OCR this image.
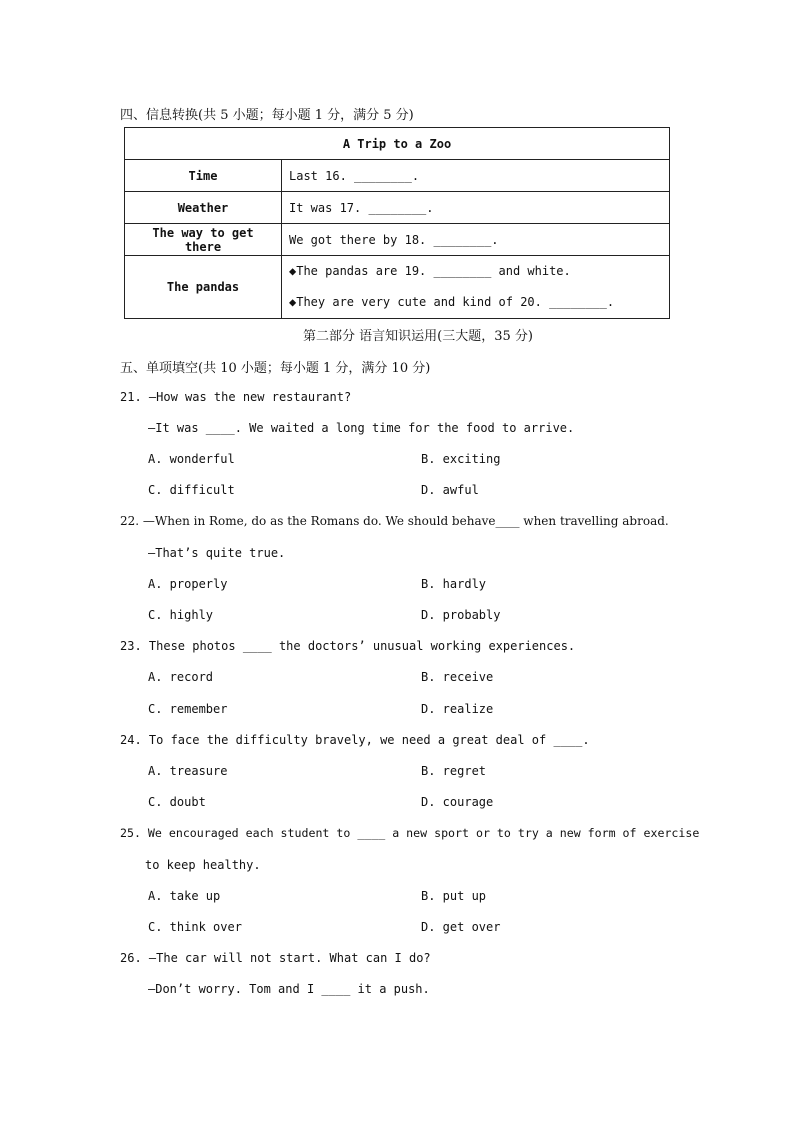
四、信息转换(共 5 小题；每小题 1 分，满分 5 分)
A Trip to a Zoo	
Time	Last 16. ________.
Weather	It was 17. ________.
The way to get there	We got there by 18. ________.
The pandas	◆The pandas are 19. ________ and white.
◆They are very cute and kind of 20. ________.
第二部分 语言知识运用(三大题，35 分)
五、单项填空(共 10 小题；每小题 1 分，满分 10 分)
21. —How was the new restaurant?
—It was ____. We waited a long time for the food to arrive.
A. wonderful	B. exciting
C. difficult	D. awful
22. —When in Rome, do as the Romans do. We should behave____ when travelling abroad.
—That’s quite true.
A. properly	B. hardly
C. highly	D. probably
23. These photos ____ the doctors’ unusual working experiences.
A. record	B. receive
C. remember	D. realize
24. To face the difficulty bravely, we need a great deal of ____.
A. treasure	B. regret
C. doubt	D. courage
25. We encouraged each student to ____ a new sport or to try a new form of exercise
to keep healthy.
A. take up	B. put up
C. think over	D. get over
26. —The car will not start. What can I do?
—Don’t worry. Tom and I ____ it a push.
